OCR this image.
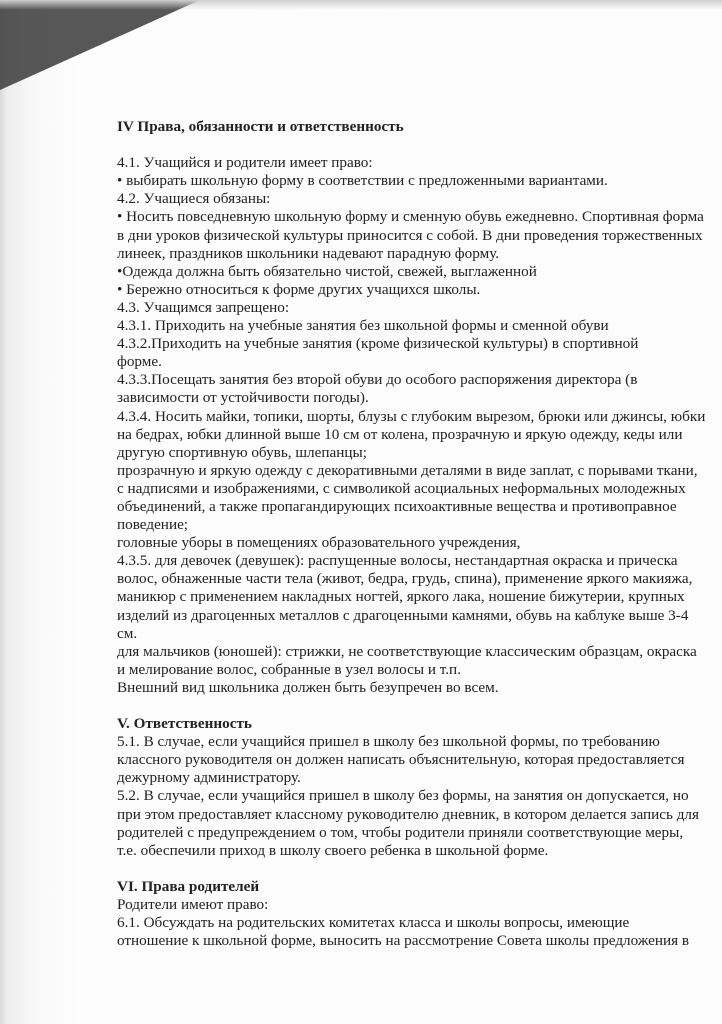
IV Права, обязанности и ответственность
4.1. Учащийся и родители имеет право:
• выбирать школьную форму в соответствии с предложенными вариантами.
4.2. Учащиеся обязаны:
• Носить повседневную школьную форму и сменную обувь ежедневно. Спортивная форма
в дни уроков физической культуры приносится с собой. В дни проведения торжественных
линеек, праздников школьники надевают парадную форму.
•Одежда должна быть обязательно чистой, свежей, выглаженной
• Бережно относиться к форме других учащихся школы.
4.3. Учащимся запрещено:
4.3.1. Приходить на учебные занятия без школьной формы и сменной обуви
4.3.2.Приходить на учебные занятия (кроме физической культуры) в спортивной
форме.
4.3.3.Посещать занятия без второй обуви до особого распоряжения директора (в
зависимости от устойчивости погоды).
4.3.4. Носить майки, топики, шорты, блузы с глубоким вырезом, брюки или джинсы, юбки
на бедрах, юбки длинной выше 10 см от колена, прозрачную и яркую одежду, кеды или
другую спортивную обувь, шлепанцы;
прозрачную и яркую одежду с декоративными деталями в виде заплат, с порывами ткани,
с надписями и изображениями, с символикой асоциальных неформальных молодежных
объединений, а также пропагандирующих психоактивные вещества и противоправное
поведение;
головные уборы в помещениях образовательного учреждения,
4.3.5. для девочек (девушек): распущенные волосы, нестандартная окраска и прическа
волос, обнаженные части тела (живот, бедра, грудь, спина), применение яркого макияжа,
маникюр с применением накладных ногтей, яркого лака, ношение бижутерии, крупных
изделий из драгоценных металлов с драгоценными камнями, обувь на каблуке выше 3-4
см.
для мальчиков (юношей): стрижки, не соответствующие классическим образцам, окраска
и мелирование волос, собранные в узел волосы и т.п.
Внешний вид школьника должен быть безупречен во всем.
V. Ответственность
5.1. В случае, если учащийся пришел в школу без школьной формы, по требованию
классного руководителя он должен написать объяснительную, которая предоставляется
дежурному администратору.
5.2. В случае, если учащийся пришел в школу без формы, на занятия он допускается, но
при этом предоставляет классному руководителю дневник, в котором делается запись для
родителей с предупреждением о том, чтобы родители приняли соответствующие меры,
т.е. обеспечили приход в школу своего ребенка в школьной форме.
VI. Права родителей
Родители имеют право:
6.1. Обсуждать на родительских комитетах класса и школы вопросы, имеющие
отношение к школьной форме, выносить на рассмотрение Совета школы предложения в
